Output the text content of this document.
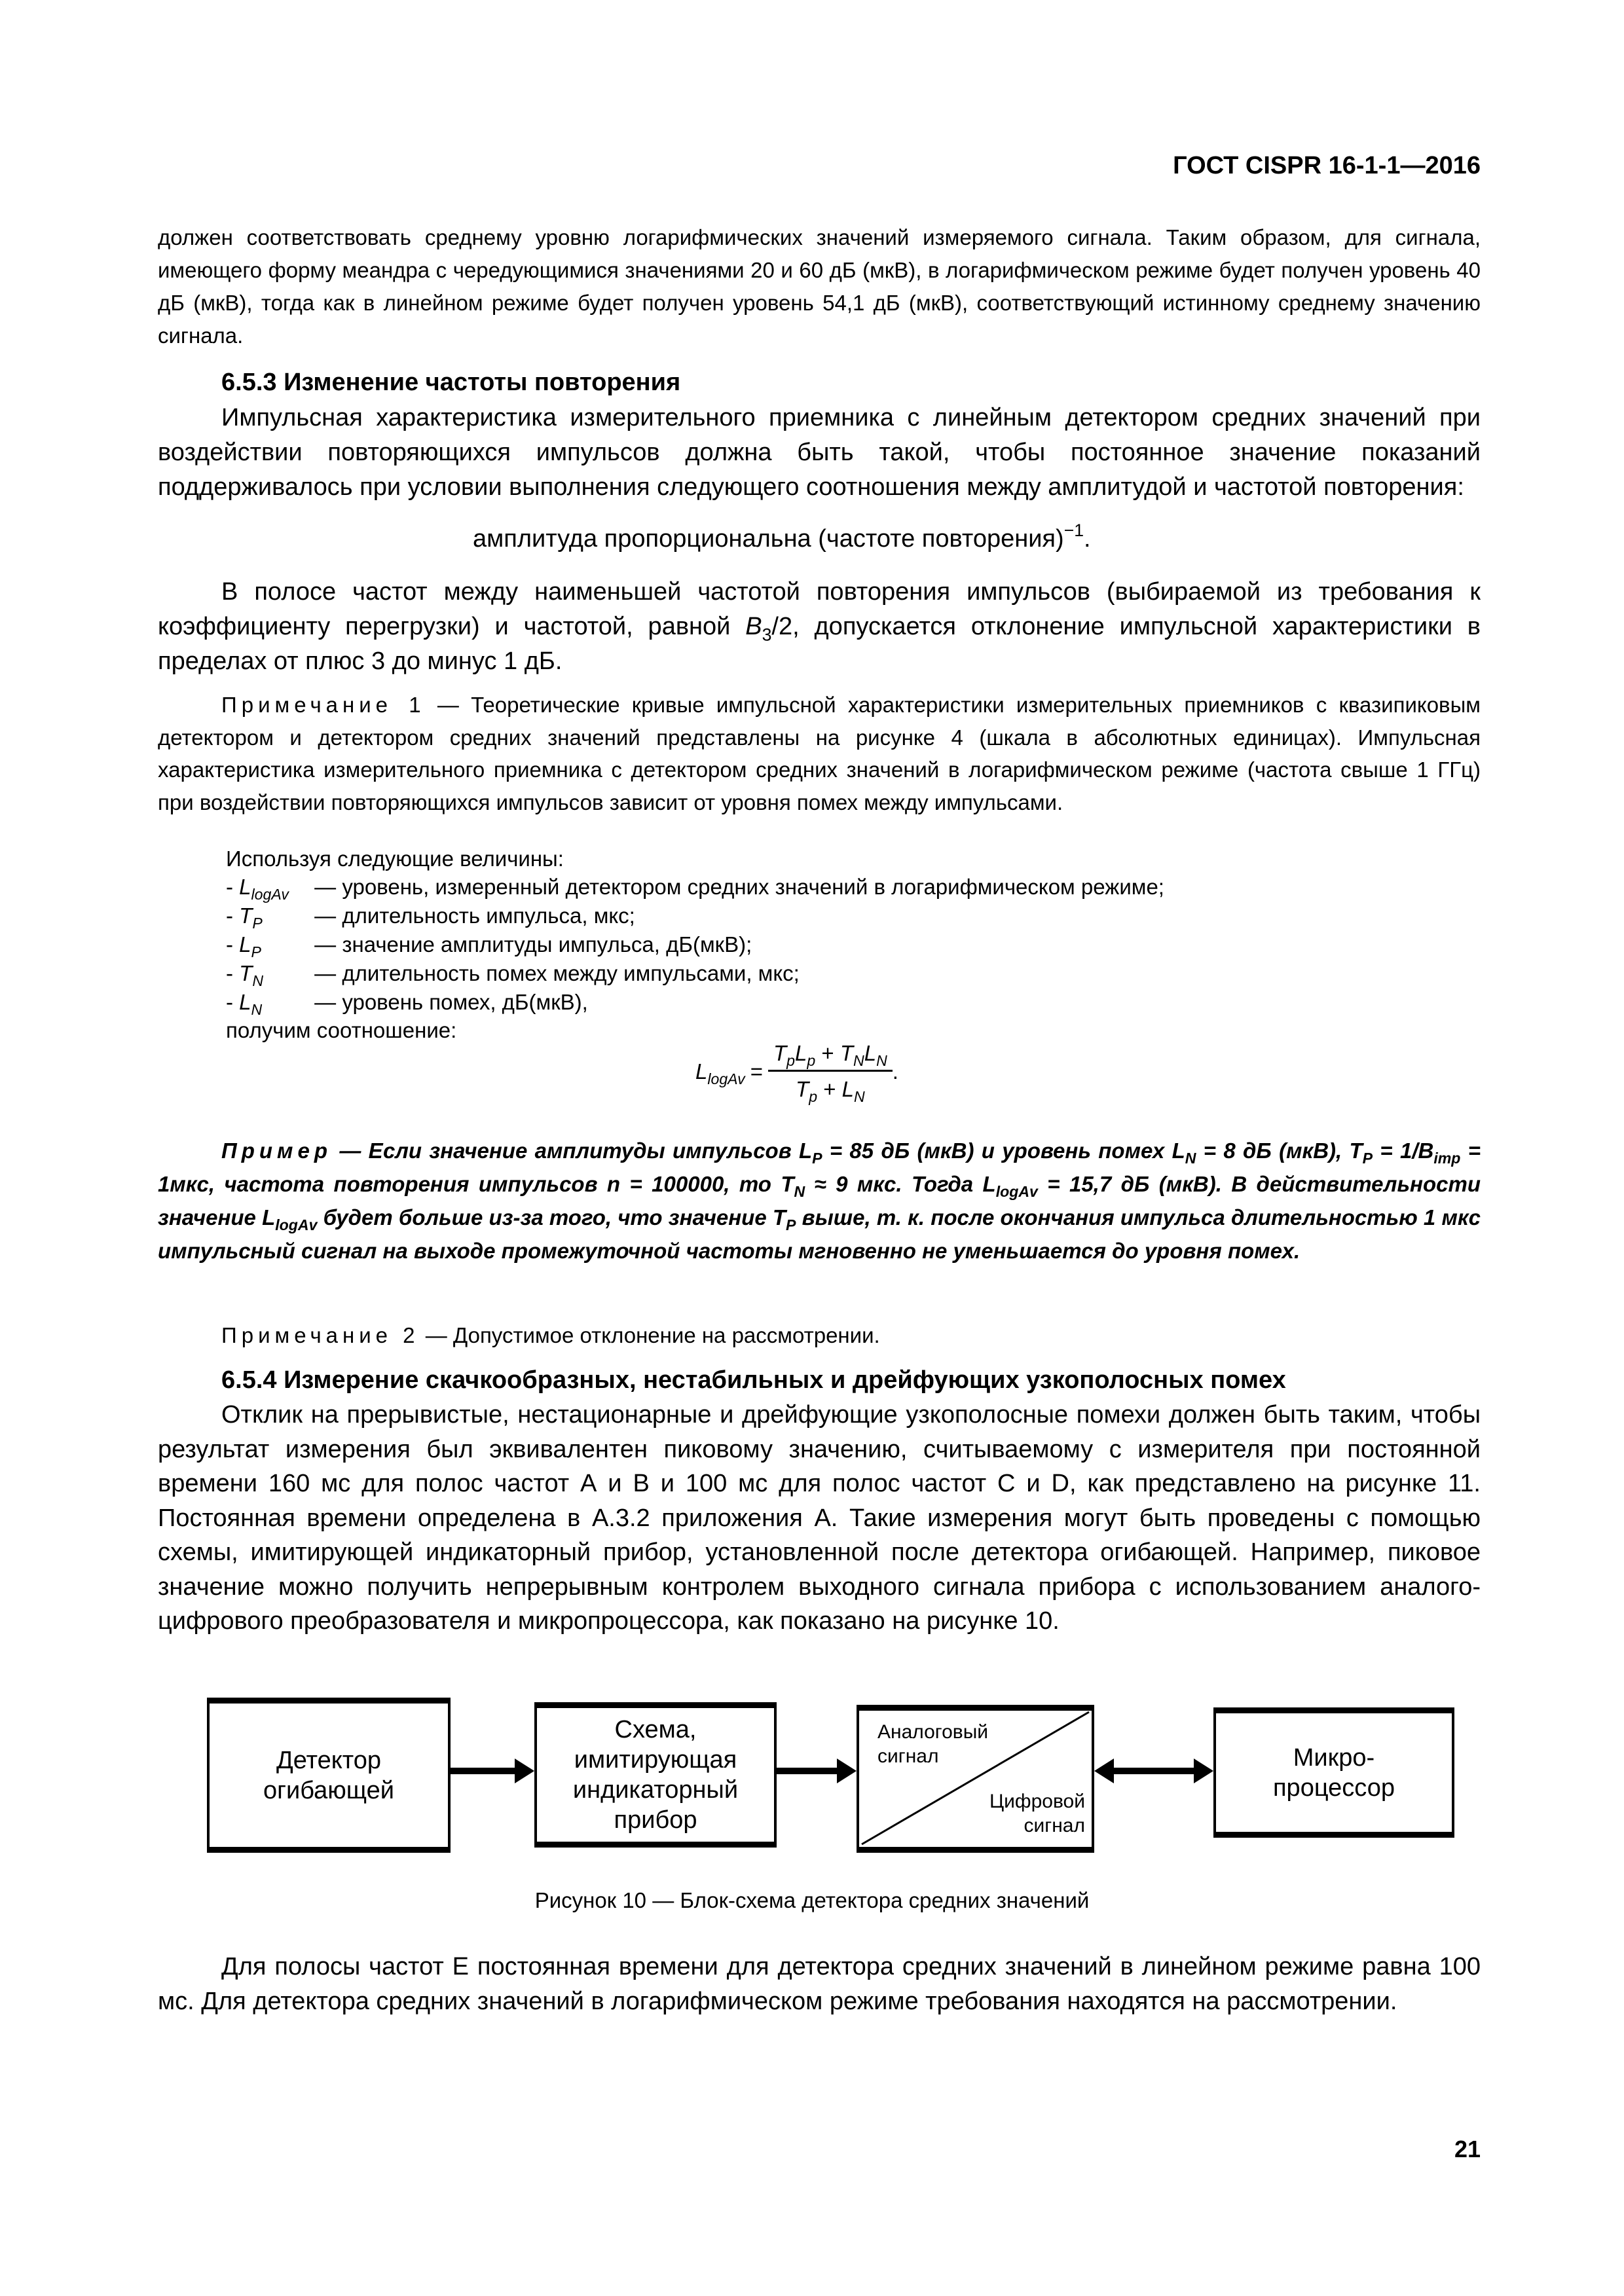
ГОСТ CISPR 16-1-1—2016
должен соответствовать среднему уровню логарифмических значений измеряемого сигнала. Таким образом, для сигнала, имеющего форму меандра с чередующимися значениями 20 и 60 дБ (мкВ), в логарифмическом режиме будет получен уровень 40 дБ (мкВ), тогда как в линейном режиме будет получен уровень 54,1 дБ (мкВ), соответствующий истинному среднему значению сигнала.
6.5.3 Изменение частоты повторения
Импульсная характеристика измерительного приемника с линейным детектором средних значений при воздействии повторяющихся импульсов должна быть такой, чтобы постоянное значение показаний поддерживалось при условии выполнения следующего соотношения между амплитудой и частотой повторения:
амплитуда пропорциональна (частоте повторения)$^{-1}$.
В полосе частот между наименьшей частотой повторения импульсов (выбираемой из требования к коэффициенту перегрузки) и частотой, равной $B_3/2$, допускается отклонение импульсной характеристики в пределах от плюс 3 до минус 1 дБ.
Примечание 1 — Теоретические кривые импульсной характеристики измерительных приемников с квазипиковым детектором и детектором средних значений представлены на рисунке 4 (шкала в абсолютных единицах). Импульсная характеристика измерительного приемника с детектором средних значений в логарифмическом режиме (частота свыше 1 ГГц) при воздействии повторяющихся импульсов зависит от уровня помех между импульсами.
Используя следующие величины:
- $L_{logAv}$ — уровень, измеренный детектором средних значений в логарифмическом режиме;
- $T_P$ — длительность импульса, мкс;
- $L_P$ — значение амплитуды импульса, дБ(мкВ);
- $T_N$ — длительность помех между импульсами, мкс;
- $L_N$ — уровень помех, дБ(мкВ),
получим соотношение:
$L_{logAv}$ =
$T_pL_p + T_NL_N$
$T_p + L_N$
.
Пример — Если значение амплитуды импульсов $L_P = 85$ дБ (мкВ) и уровень помех $L_N = 8$ дБ (мкВ), $T_P = 1/B_{imp} = 1мкс$, частота повторения импульсов n = 100000, то $T_N \approx 9$ мкс. Тогда $L_{logAv} = 15,7$ дБ (мкВ). В действительности значение $L_{logAv}$ будет больше из-за того, что значение $T_P$ выше, т. к. после окончания импульса длительностью 1 мкс импульсный сигнал на выходе промежуточной частоты мгновенно не уменьшается до уровня помех.
Примечание 2 — Допустимое отклонение на рассмотрении.
6.5.4 Измерение скачкообразных, нестабильных и дрейфующих узкополосных помех
Отклик на прерывистые, нестационарные и дрейфующие узкополосные помехи должен быть таким, чтобы результат измерения был эквивалентен пиковому значению, считываемому с измерителя при постоянной времени 160 мс для полос частот А и В и 100 мс для полос частот С и D, как представлено на рисунке 11. Постоянная времени определена в А.3.2 приложения А. Такие измерения могут быть проведены с помощью схемы, имитирующей индикаторный прибор, установленной после детектора огибающей. Например, пиковое значение можно получить непрерывным контролем выходного сигнала прибора с использованием аналого-цифрового преобразователя и микропроцессора, как показано на рисунке 10.
Детектор огибающей
Схема, имитирующая индикаторный прибор
Аналоговый сигнал
Цифровой сигнал
Микро-процессор
Рисунок 10 — Блок-схема детектора средних значений
Для полосы частот Е постоянная времени для детектора средних значений в линейном режиме равна 100 мс. Для детектора средних значений в логарифмическом режиме требования находятся на рассмотрении.
21
